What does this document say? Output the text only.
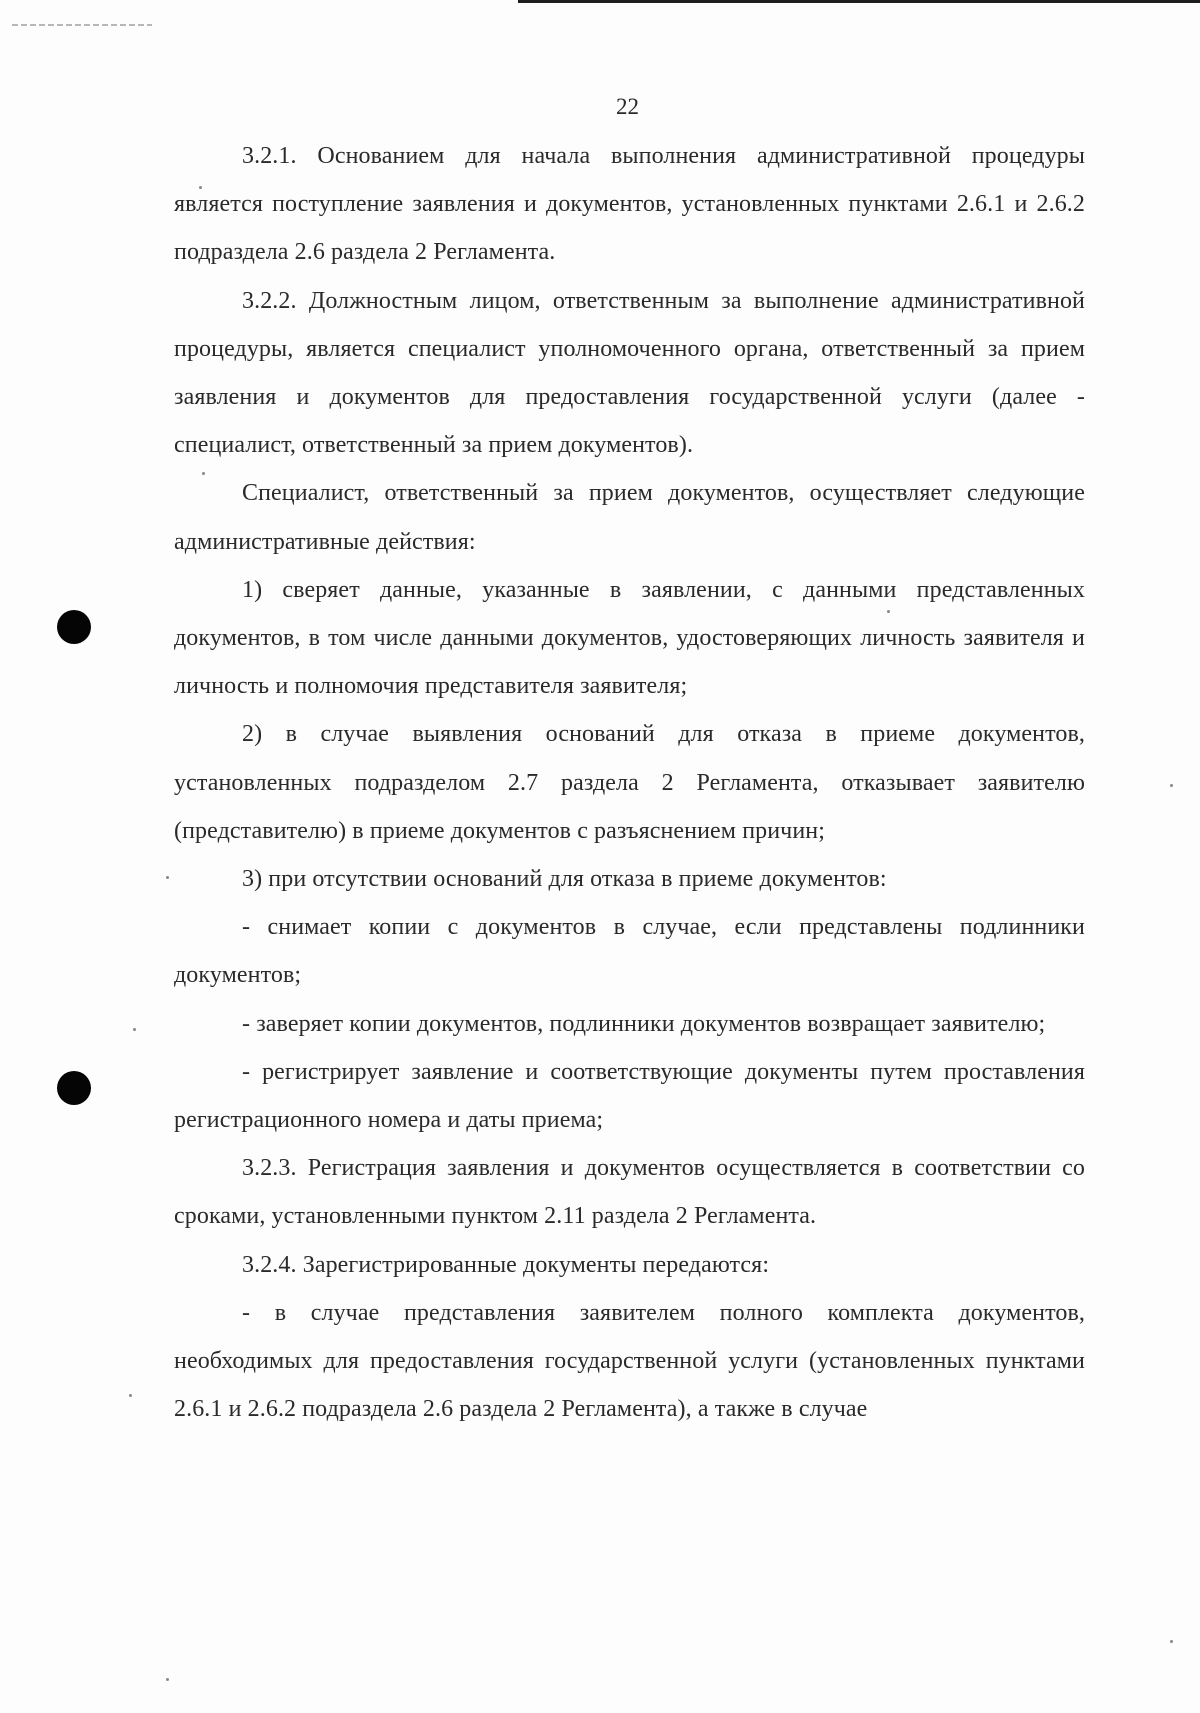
22

3.2.1. Основанием для начала выполнения административной процедуры является поступление заявления и документов, установленных пунктами 2.6.1 и 2.6.2 подраздела 2.6 раздела 2 Регламента.

3.2.2. Должностным лицом, ответственным за выполнение административной процедуры, является специалист уполномоченного органа, ответственный за прием заявления и документов для предоставления государственной услуги (далее - специалист, ответственный за прием документов).

Специалист, ответственный за прием документов, осуществляет следующие административные действия:

1) сверяет данные, указанные в заявлении, с данными представленных документов, в том числе данными документов, удостоверяющих личность заявителя и личность и полномочия представителя заявителя;

2) в случае выявления оснований для отказа в приеме документов, установленных подразделом 2.7 раздела 2 Регламента, отказывает заявителю (представителю) в приеме документов с разъяснением причин;

3) при отсутствии оснований для отказа в приеме документов:

- снимает копии с документов в случае, если представлены подлинники документов;

- заверяет копии документов, подлинники документов возвращает заявителю;

- регистрирует заявление и соответствующие документы путем проставления регистрационного номера и даты приема;

3.2.3. Регистрация заявления и документов осуществляется в соответствии со сроками, установленными пунктом 2.11 раздела 2 Регламента.

3.2.4. Зарегистрированные документы передаются:

- в случае представления заявителем полного комплекта документов, необходимых для предоставления государственной услуги (установленных пунктами 2.6.1 и 2.6.2 подраздела 2.6 раздела 2 Регламента), а также в случае
